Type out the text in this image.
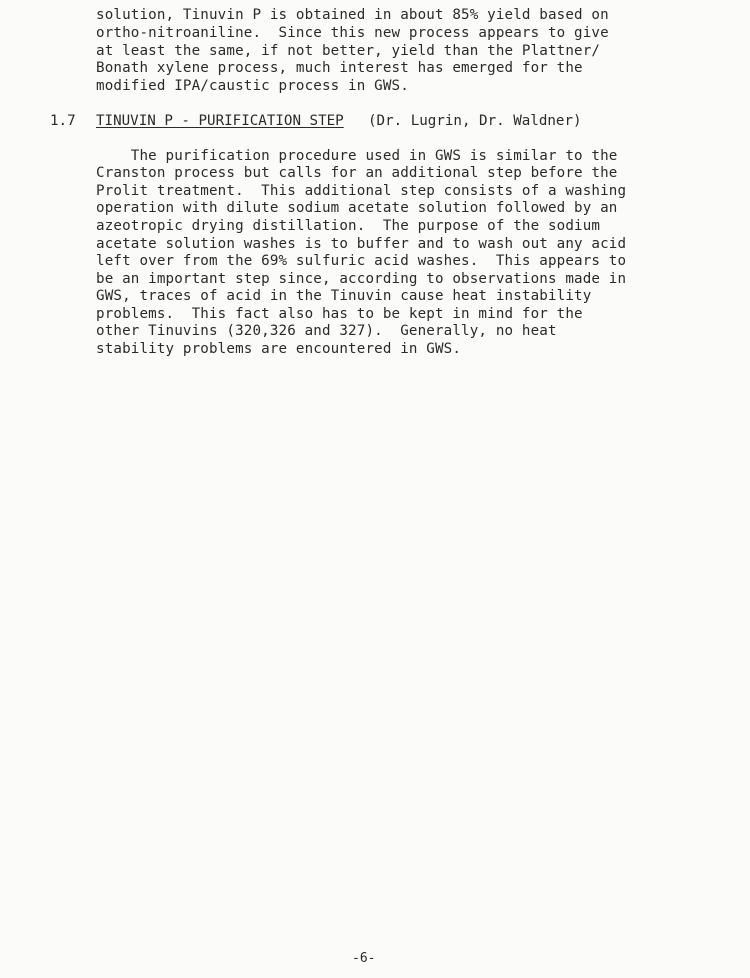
solution, Tinuvin P is obtained in about 85% yield based on
ortho-nitroaniline.  Since this new process appears to give
at least the same, if not better, yield than the Plattner/
Bonath xylene process, much interest has emerged for the
modified IPA/caustic process in GWS.
1.7 TINUVIN P - PURIFICATION STEP (Dr. Lugrin, Dr. Waldner)
The purification procedure used in GWS is similar to the
Cranston process but calls for an additional step before the
Prolit treatment.  This additional step consists of a washing
operation with dilute sodium acetate solution followed by an
azeotropic drying distillation.  The purpose of the sodium
acetate solution washes is to buffer and to wash out any acid
left over from the 69% sulfuric acid washes.  This appears to
be an important step since, according to observations made in
GWS, traces of acid in the Tinuvin cause heat instability
problems.  This fact also has to be kept in mind for the
other Tinuvins (320,326 and 327).  Generally, no heat
stability problems are encountered in GWS.
-6-
